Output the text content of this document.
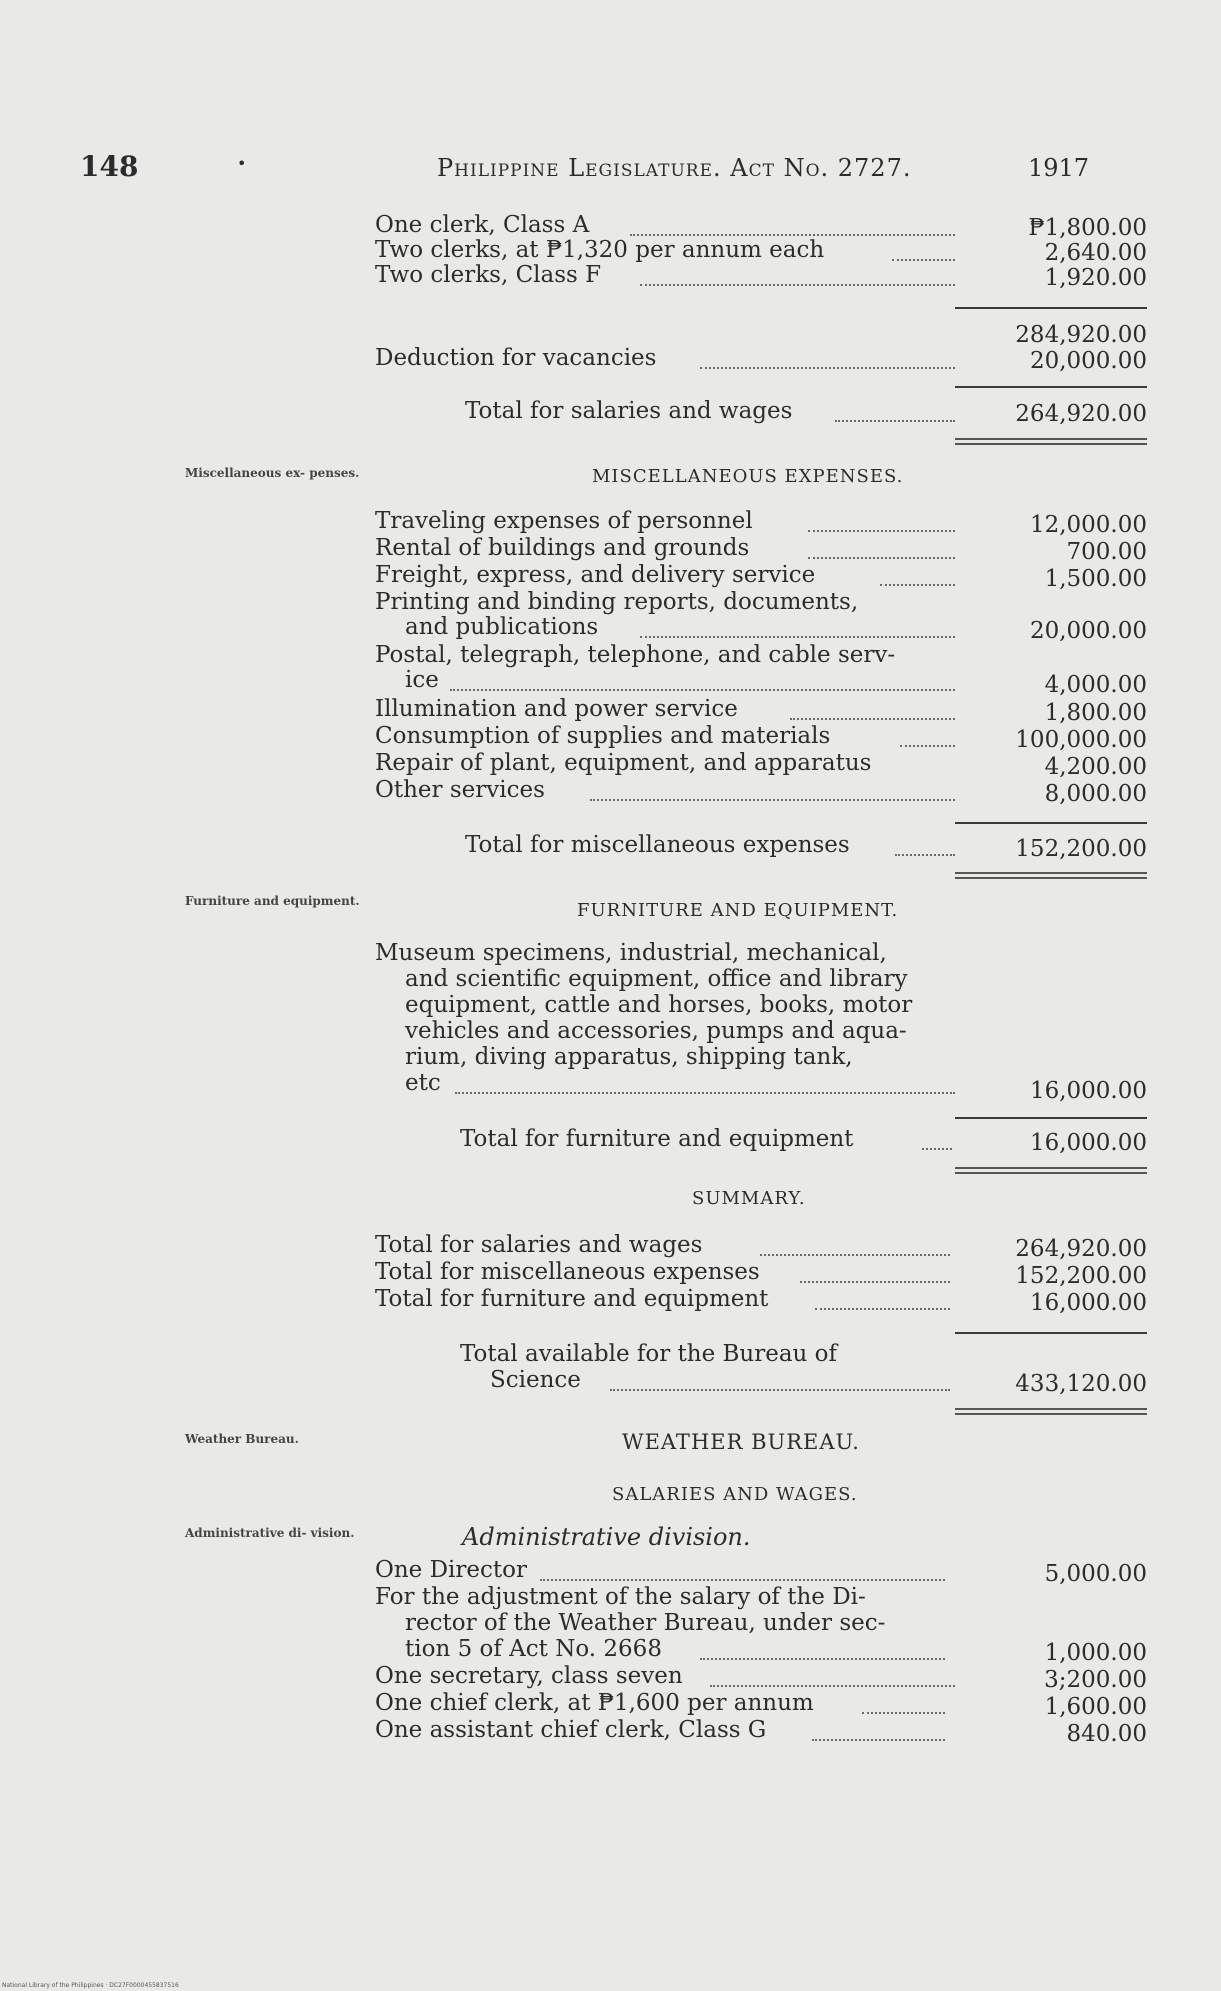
148	•	Philippine Legislature. Act No. 2727.	1917
One clerk, Class A	₱1,800.00
Two clerks, at ₱1,320 per annum each	2,640.00
Two clerks, Class F	1,920.00
284,920.00
Deduction for vacancies	20,000.00
Total for salaries and wages	264,920.00
Miscellaneous ex- penses.	MISCELLANEOUS EXPENSES.
Traveling expenses of personnel	12,000.00
Rental of buildings and grounds	700.00
Freight, express, and delivery service	1,500.00
Printing and binding reports, documents,
and publications	20,000.00
Postal, telegraph, telephone, and cable serv-
ice	4,000.00
Illumination and power service	1,800.00
Consumption of supplies and materials	100,000.00
Repair of plant, equipment, and apparatus	4,200.00
Other services	8,000.00
Total for miscellaneous expenses	152,200.00
Furniture and equipment.	FURNITURE AND EQUIPMENT.
Museum specimens, industrial, mechanical,
and scientific equipment, office and library
equipment, cattle and horses, books, motor
vehicles and accessories, pumps and aqua-
rium, diving apparatus, shipping tank,
etc	16,000.00
Total for furniture and equipment	16,000.00
SUMMARY.
Total for salaries and wages	264,920.00
Total for miscellaneous expenses	152,200.00
Total for furniture and equipment	16,000.00
Total available for the Bureau of
Science	433,120.00
Weather Bureau.	WEATHER BUREAU.
SALARIES AND WAGES.
Administrative di- vision.	Administrative division.
One Director	5,000.00
For the adjustment of the salary of the Di-
rector of the Weather Bureau, under sec-
tion 5 of Act No. 2668	1,000.00
One secretary, class seven	3;200.00
One chief clerk, at ₱1,600 per annum	1,600.00
One assistant chief clerk, Class G	840.00
National Library of the Philippines · DC27F0000455837516
